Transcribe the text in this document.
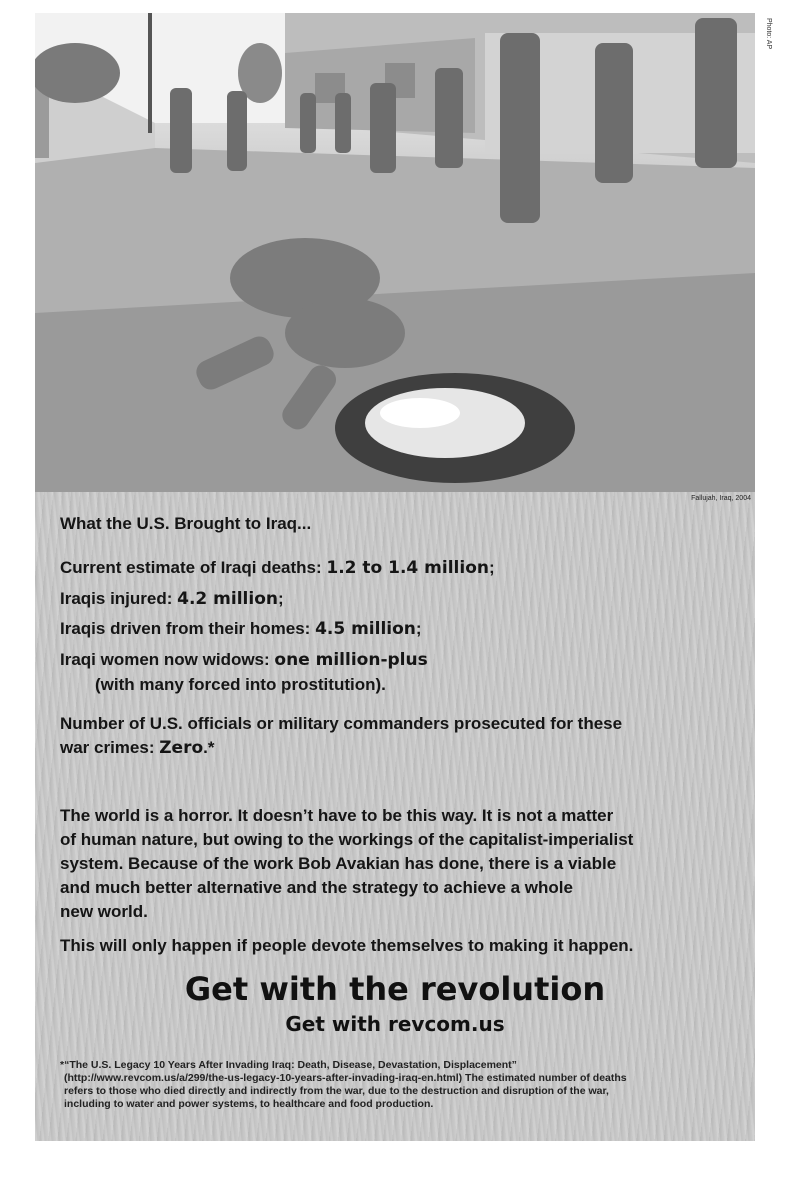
Photo: AP
Fallujah, Iraq, 2004
What the U.S. Brought to Iraq...
Current estimate of Iraqi deaths: 1.2 to 1.4 million;
Iraqis injured: 4.2 million;
Iraqis driven from their homes: 4.5 million;
Iraqi women now widows: one million-plus
(with many forced into prostitution).
Number of U.S. officials or military commanders prosecuted for these
war crimes: Zero.*
The world is a horror. It doesn’t have to be this way. It is not a matter
of human nature, but owing to the workings of the capitalist-imperialist
system. Because of the work Bob Avakian has done, there is a viable
and much better alternative and the strategy to achieve a whole
new world.
This will only happen if people devote themselves to making it happen.
Get with the revolution
Get with revcom.us
*“The U.S. Legacy 10 Years After Invading Iraq: Death, Disease, Devastation, Displacement”
(http://www.revcom.us/a/299/the-us-legacy-10-years-after-invading-iraq-en.html) The estimated number of deaths
refers to those who died directly and indirectly from the war, due to the destruction and disruption of the war,
including to water and power systems, to healthcare and food production.
